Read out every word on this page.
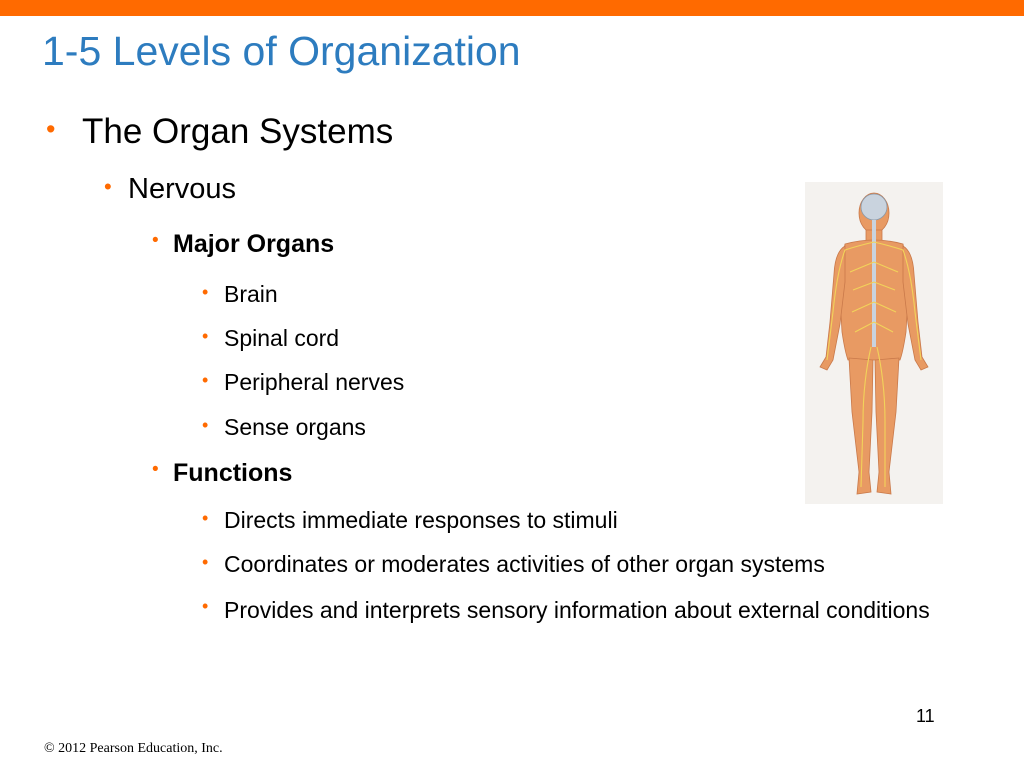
1-5 Levels of Organization
• The Organ Systems
• Nervous
• Major Organs
• Brain
• Spinal cord
• Peripheral nerves
• Sense organs
• Functions
• Directs immediate responses to stimuli
• Coordinates or moderates activities of other organ systems
• Provides and interprets sensory information about external conditions
11
© 2012 Pearson Education, Inc.
